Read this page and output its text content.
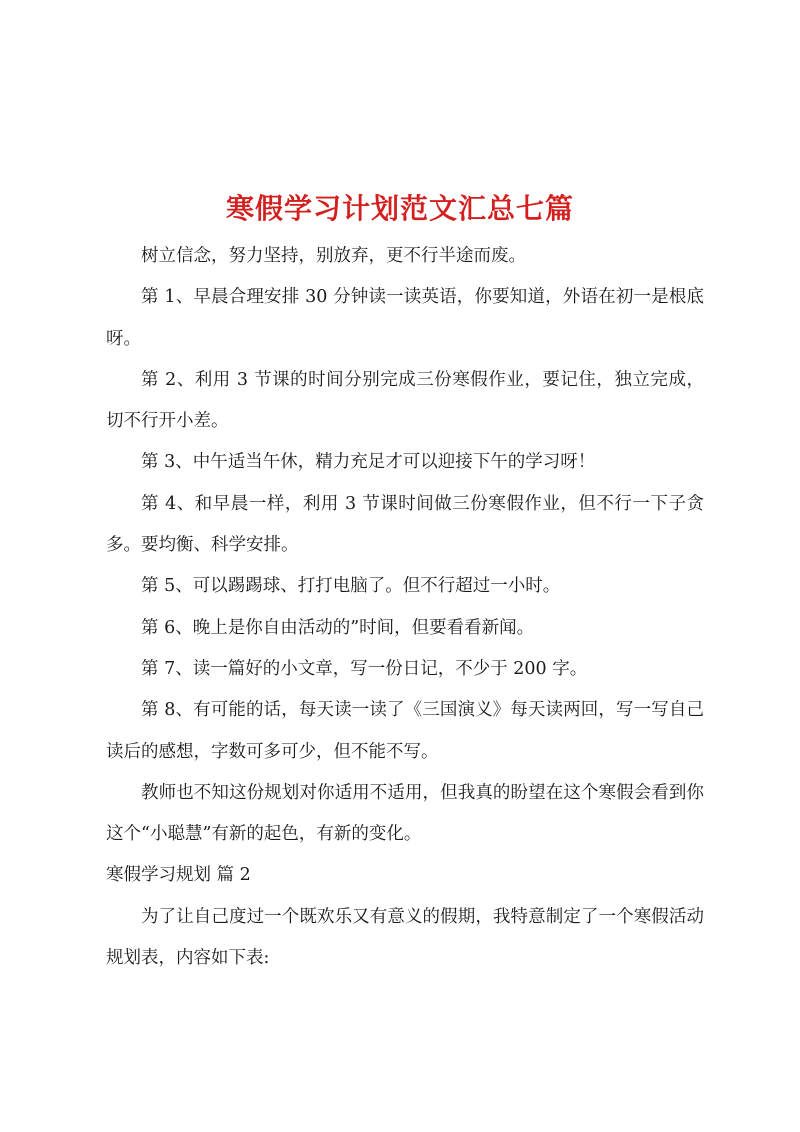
寒假学习计划范文汇总七篇

树立信念，努力坚持，别放弃，更不行半途而废。

第 1、早晨合理安排 30 分钟读一读英语，你要知道，外语在初一是根底呀。

第 2、利用 3 节课的时间分别完成三份寒假作业，要记住，独立完成，切不行开小差。

第 3、中午适当午休，精力充足才可以迎接下午的学习呀！

第 4、和早晨一样，利用 3 节课时间做三份寒假作业，但不行一下子贪多。要均衡、科学安排。

第 5、可以踢踢球、打打电脑了。但不行超过一小时。

第 6、晚上是你自由活动的”时间，但要看看新闻。

第 7、读一篇好的小文章，写一份日记，不少于 200 字。

第 8、有可能的话，每天读一读了《三国演义》每天读两回，写一写自己读后的感想，字数可多可少，但不能不写。

教师也不知这份规划对你适用不适用，但我真的盼望在这个寒假会看到你这个“小聪慧”有新的起色，有新的变化。

寒假学习规划 篇 2

为了让自己度过一个既欢乐又有意义的假期，我特意制定了一个寒假活动规划表，内容如下表:
